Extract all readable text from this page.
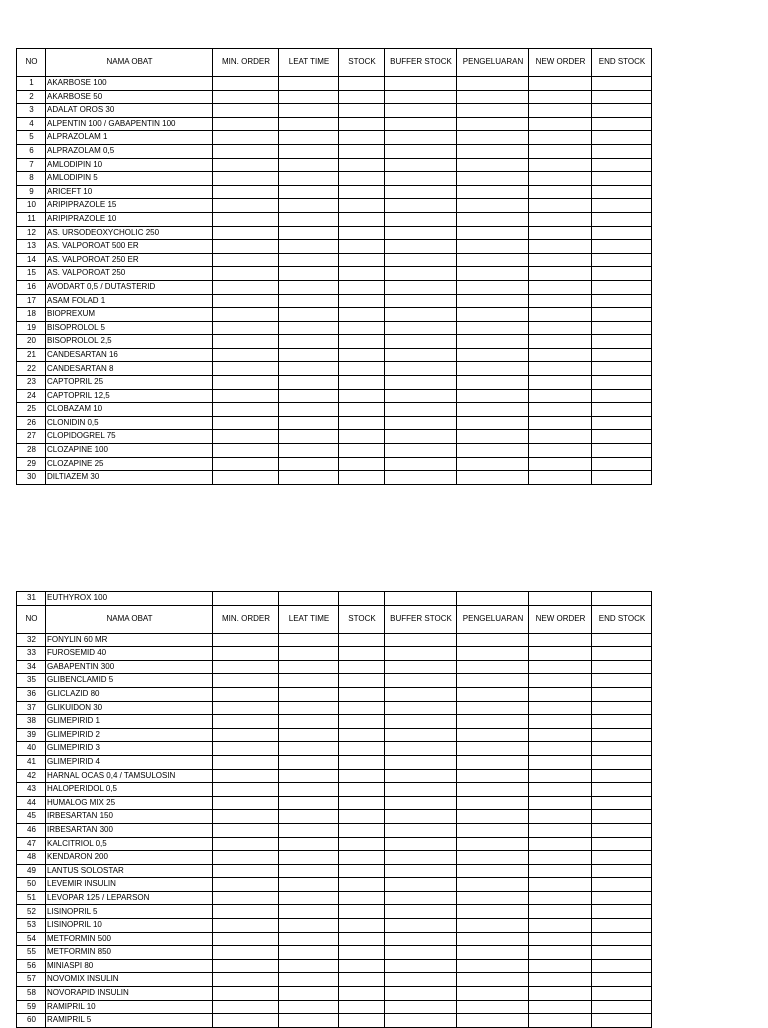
NO	NAMA OBAT	MIN. ORDER	LEAT TIME	STOCK	BUFFER STOCK	PENGELUARAN	NEW ORDER	END STOCK
1	AKARBOSE 100							
2	AKARBOSE 50							
3	ADALAT OROS 30							
4	ALPENTIN 100 / GABAPENTIN 100							
5	ALPRAZOLAM 1							
6	ALPRAZOLAM 0,5							
7	AMLODIPIN 10							
8	AMLODIPIN 5							
9	ARICEFT 10							
10	ARIPIPRAZOLE 15							
11	ARIPIPRAZOLE 10							
12	AS. URSODEOXYCHOLIC 250							
13	AS. VALPOROAT 500 ER							
14	AS. VALPOROAT 250 ER							
15	AS. VALPOROAT 250							
16	AVODART 0,5 / DUTASTERID							
17	ASAM FOLAD 1							
18	BIOPREXUM							
19	BISOPROLOL 5							
20	BISOPROLOL 2,5							
21	CANDESARTAN 16							
22	CANDESARTAN 8							
23	CAPTOPRIL 25							
24	CAPTOPRIL 12,5							
25	CLOBAZAM 10							
26	CLONIDIN 0,5							
27	CLOPIDOGREL 75							
28	CLOZAPINE 100							
29	CLOZAPINE 25							
30	DILTIAZEM 30							
31	EUTHYROX 100							
NO	NAMA OBAT	MIN. ORDER	LEAT TIME	STOCK	BUFFER STOCK	PENGELUARAN	NEW ORDER	END STOCK
32	FONYLIN 60 MR							
33	FUROSEMID 40							
34	GABAPENTIN 300							
35	GLIBENCLAMID 5							
36	GLICLAZID 80							
37	GLIKUIDON 30							
38	GLIMEPIRID 1							
39	GLIMEPIRID 2							
40	GLIMEPIRID 3							
41	GLIMEPIRID 4							
42	HARNAL OCAS 0,4 / TAMSULOSIN							
43	HALOPERIDOL 0,5							
44	HUMALOG MIX 25							
45	IRBESARTAN 150							
46	IRBESARTAN 300							
47	KALCITRIOL 0,5							
48	KENDARON 200							
49	LANTUS SOLOSTAR							
50	LEVEMIR INSULIN							
51	LEVOPAR 125 / LEPARSON							
52	LISINOPRIL 5							
53	LISINOPRIL 10							
54	METFORMIN 500							
55	METFORMIN 850							
56	MINIASPI 80							
57	NOVOMIX INSULIN							
58	NOVORAPID INSULIN							
59	RAMIPRIL 10							
60	RAMIPRIL 5							
